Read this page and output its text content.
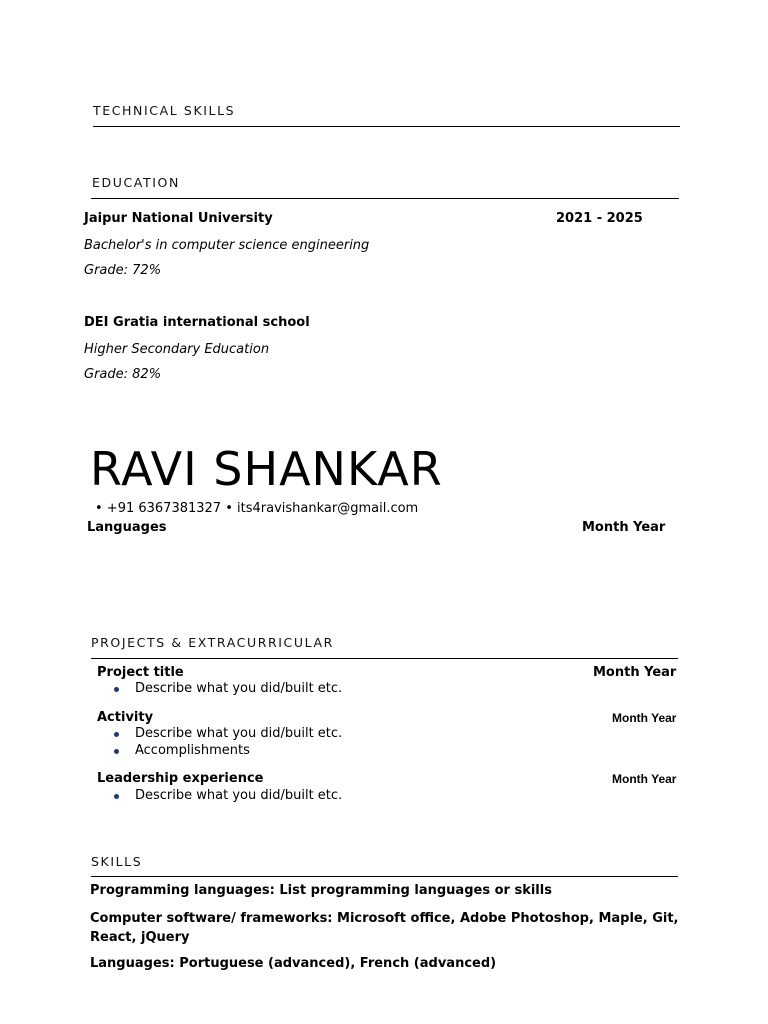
TECHNICAL SKILLS
EDUCATION
Jaipur National University	2021 - 2025
Bachelor's in computer science engineering
Grade: 72%
DEI Gratia international school
Higher Secondary Education
Grade: 82%
RAVI SHANKAR
• +91 6367381327 • its4ravishankar@gmail.com
Languages	Month Year
PROJECTS & EXTRACURRICULAR
Project title	Month Year
Describe what you did/built etc.
Activity	Month Year
Describe what you did/built etc.
Accomplishments
Leadership experience	Month Year
Describe what you did/built etc.
SKILLS
Programming languages: List programming languages or skills
Computer software/ frameworks: Microsoft office, Adobe Photoshop, Maple, Git, React, jQuery
Languages: Portuguese (advanced), French (advanced)
